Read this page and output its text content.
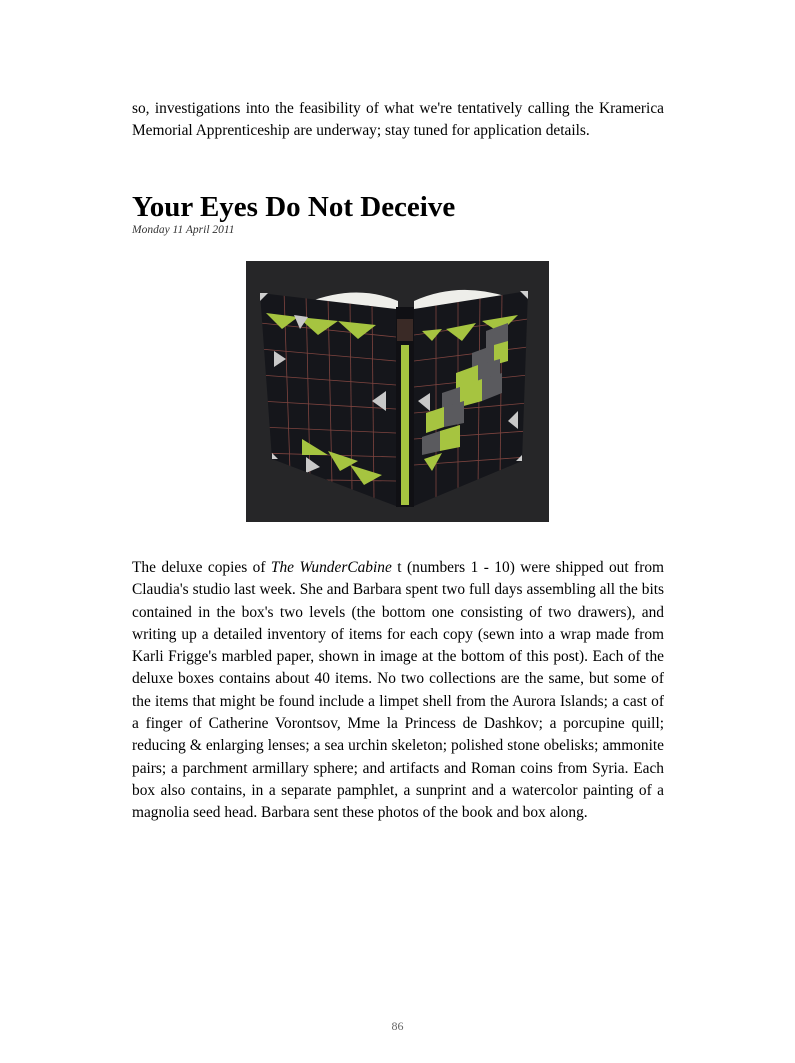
so, investigations into the feasibility of what we're tentatively calling the Kramerica Memorial Apprenticeship are underway; stay tuned for application details.

Your Eyes Do Not Deceive
Monday 11 April 2011

The deluxe copies of The WunderCabine t (numbers 1 - 10) were shipped out from Claudia's studio last week. She and Barbara spent two full days assembling all the bits contained in the box's two levels (the bottom one consisting of two drawers), and writing up a detailed inventory of items for each copy (sewn into a wrap made from Karli Frigge's marbled paper, shown in image at the bottom of this post). Each of the deluxe boxes contains about 40 items. No two collections are the same, but some of the items that might be found include a limpet shell from the Aurora Islands; a cast of a finger of Catherine Vorontsov, Mme la Princess de Dashkov; a porcupine quill; reducing & enlarging lenses; a sea urchin skeleton; polished stone obelisks; ammonite pairs; a parchment armillary sphere; and artifacts and Roman coins from Syria. Each box also contains, in a separate pamphlet, a sunprint and a watercolor painting of a magnolia seed head. Barbara sent these photos of the book and box along.

86
